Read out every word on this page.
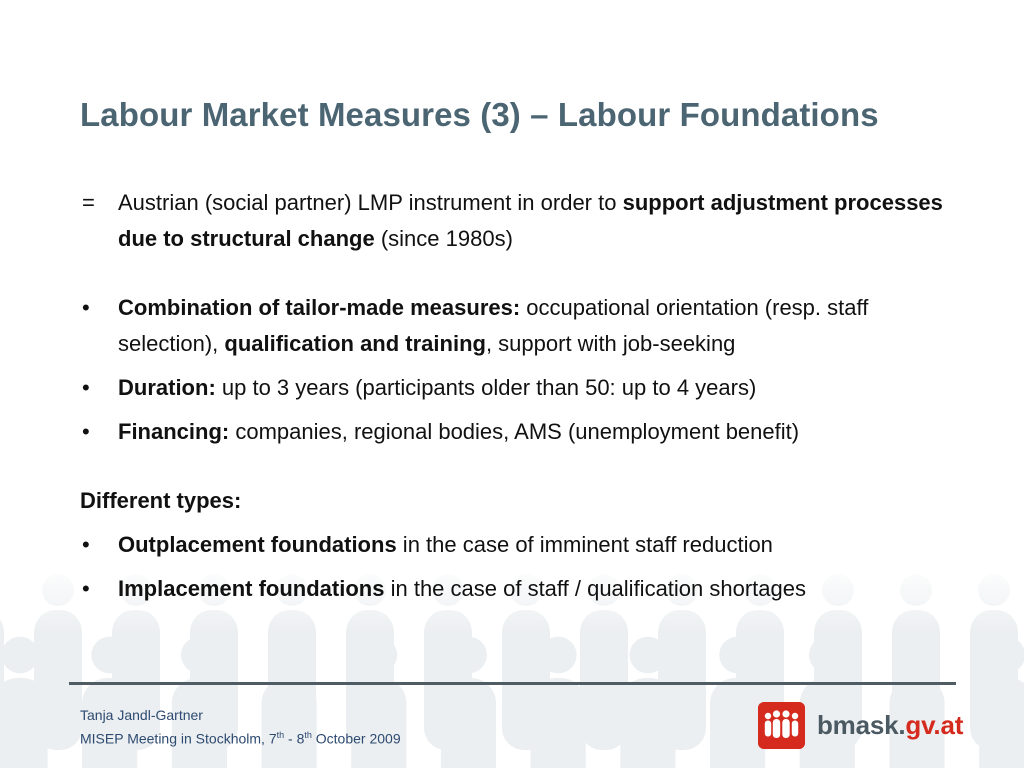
Labour Market Measures (3) – Labour Foundations
= Austrian (social partner) LMP instrument in order to support adjustment processes due to structural change (since 1980s)
• Combination of tailor-made measures: occupational orientation (resp. staff selection), qualification and training, support with job-seeking
• Duration: up to 3 years (participants older than 50: up to 4 years)
• Financing: companies, regional bodies, AMS (unemployment benefit)
Different types:
• Outplacement foundations in the case of imminent staff reduction
• Implacement foundations in the case of staff / qualification shortages
Tanja Jandl-Gartner
MISEP Meeting in Stockholm, 7th - 8th October 2009	bmask.gv.at
